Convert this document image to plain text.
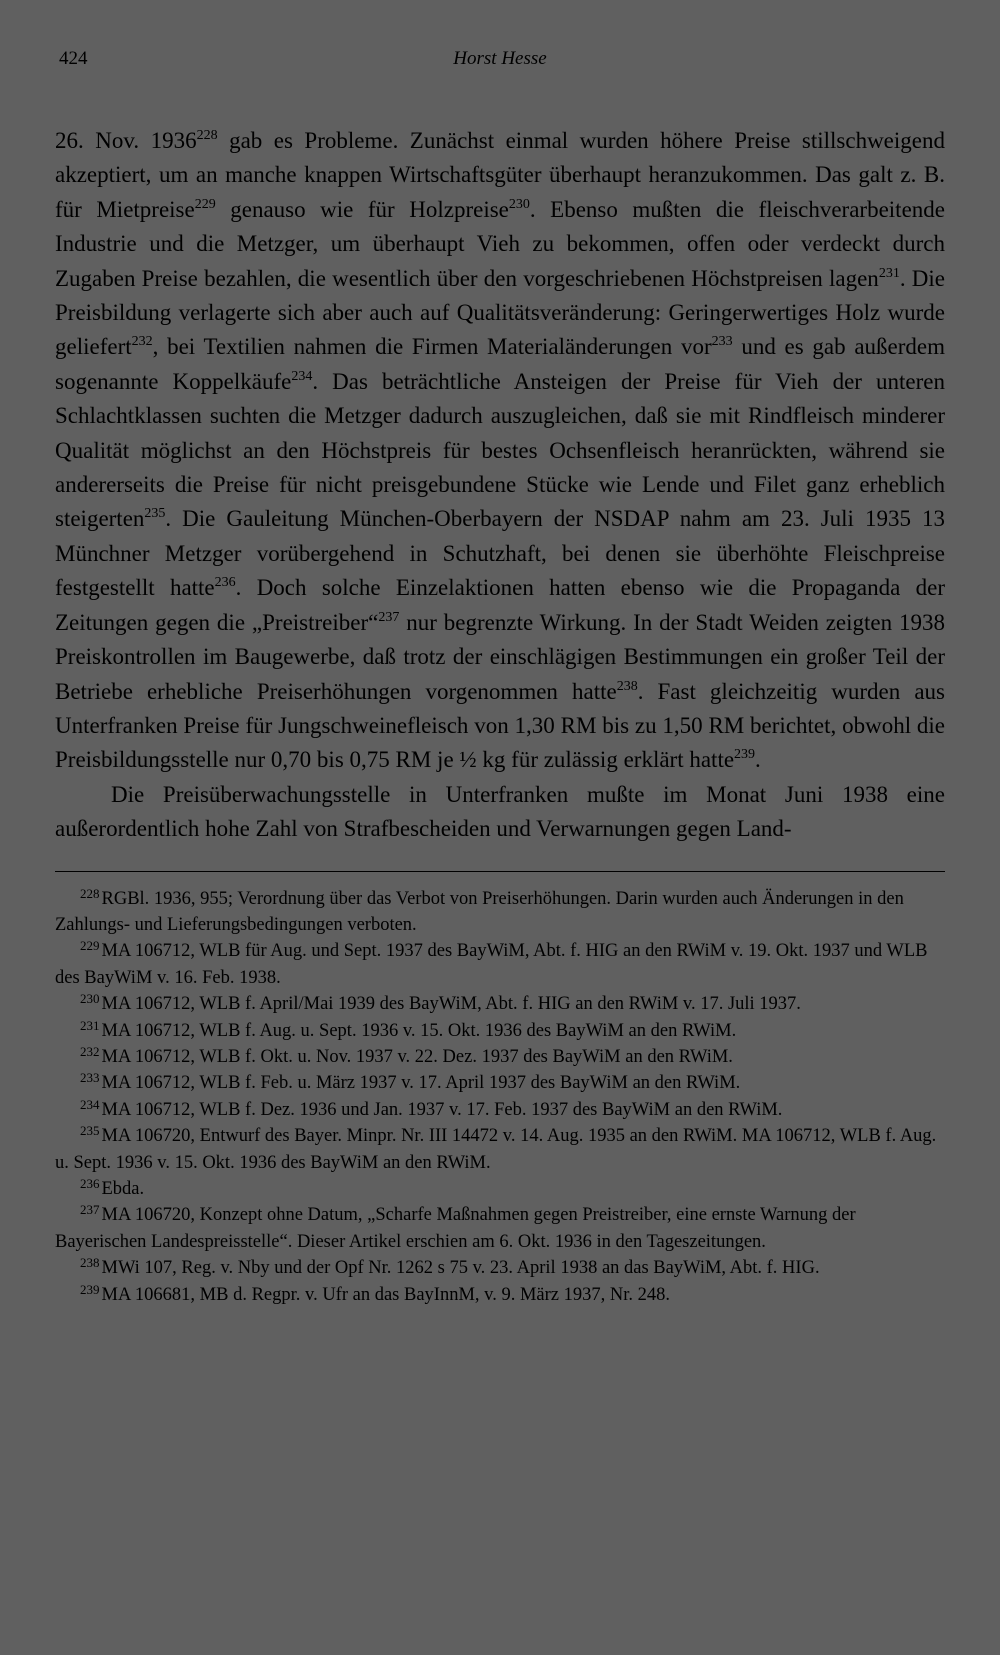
424	Horst Hesse

26. Nov. 1936$^{228}$ gab es Probleme. Zunächst einmal wurden höhere Preise stillschweigend akzeptiert, um an manche knappen Wirtschaftsgüter überhaupt heranzukommen. Das galt z. B. für Mietpreise$^{229}$ genauso wie für Holzpreise$^{230}$. Ebenso mußten die fleischverarbeitende Industrie und die Metzger, um überhaupt Vieh zu bekommen, offen oder verdeckt durch Zugaben Preise bezahlen, die wesentlich über den vorgeschriebenen Höchstpreisen lagen$^{231}$. Die Preisbildung verlagerte sich aber auch auf Qualitätsveränderung: Geringerwertiges Holz wurde geliefert$^{232}$, bei Textilien nahmen die Firmen Materialänderungen vor$^{233}$ und es gab außerdem sogenannte Koppelkäufe$^{234}$. Das beträchtliche Ansteigen der Preise für Vieh der unteren Schlachtklassen suchten die Metzger dadurch auszugleichen, daß sie mit Rindfleisch minderer Qualität möglichst an den Höchstpreis für bestes Ochsenfleisch heranrückten, während sie andererseits die Preise für nicht preisgebundene Stücke wie Lende und Filet ganz erheblich steigerten$^{235}$. Die Gauleitung München-Oberbayern der NSDAP nahm am 23. Juli 1935 13 Münchner Metzger vorübergehend in Schutzhaft, bei denen sie überhöhte Fleischpreise festgestellt hatte$^{236}$. Doch solche Einzelaktionen hatten ebenso wie die Propaganda der Zeitungen gegen die „Preistreiber“$^{237}$ nur begrenzte Wirkung. In der Stadt Weiden zeigten 1938 Preiskontrollen im Baugewerbe, daß trotz der einschlägigen Bestimmungen ein großer Teil der Betriebe erhebliche Preiserhöhungen vorgenommen hatte$^{238}$. Fast gleichzeitig wurden aus Unterfranken Preise für Jungschweinefleisch von 1,30 RM bis zu 1,50 RM berichtet, obwohl die Preisbildungsstelle nur 0,70 bis 0,75 RM je ½ kg für zulässig erklärt hatte$^{239}$.

Die Preisüberwachungsstelle in Unterfranken mußte im Monat Juni 1938 eine außerordentlich hohe Zahl von Strafbescheiden und Verwarnungen gegen Land-

$^{228}$ RGBl. 1936, 955; Verordnung über das Verbot von Preiserhöhungen. Darin wurden auch Änderungen in den Zahlungs- und Lieferungsbedingungen verboten.

$^{229}$ MA 106712, WLB für Aug. und Sept. 1937 des BayWiM, Abt. f. HIG an den RWiM v. 19. Okt. 1937 und WLB des BayWiM v. 16. Feb. 1938.

$^{230}$ MA 106712, WLB f. April/Mai 1939 des BayWiM, Abt. f. HIG an den RWiM v. 17. Juli 1937.

$^{231}$ MA 106712, WLB f. Aug. u. Sept. 1936 v. 15. Okt. 1936 des BayWiM an den RWiM.

$^{232}$ MA 106712, WLB f. Okt. u. Nov. 1937 v. 22. Dez. 1937 des BayWiM an den RWiM.

$^{233}$ MA 106712, WLB f. Feb. u. März 1937 v. 17. April 1937 des BayWiM an den RWiM.

$^{234}$ MA 106712, WLB f. Dez. 1936 und Jan. 1937 v. 17. Feb. 1937 des BayWiM an den RWiM.

$^{235}$ MA 106720, Entwurf des Bayer. Minpr. Nr. III 14472 v. 14. Aug. 1935 an den RWiM. MA 106712, WLB f. Aug. u. Sept. 1936 v. 15. Okt. 1936 des BayWiM an den RWiM.

$^{236}$ Ebda.

$^{237}$ MA 106720, Konzept ohne Datum, „Scharfe Maßnahmen gegen Preistreiber, eine ernste Warnung der Bayerischen Landespreisstelle“. Dieser Artikel erschien am 6. Okt. 1936 in den Tageszeitungen.

$^{238}$ MWi 107, Reg. v. Nby und der Opf Nr. 1262 s 75 v. 23. April 1938 an das BayWiM, Abt. f. HIG.

$^{239}$ MA 106681, MB d. Regpr. v. Ufr an das BayInnM, v. 9. März 1937, Nr. 248.
